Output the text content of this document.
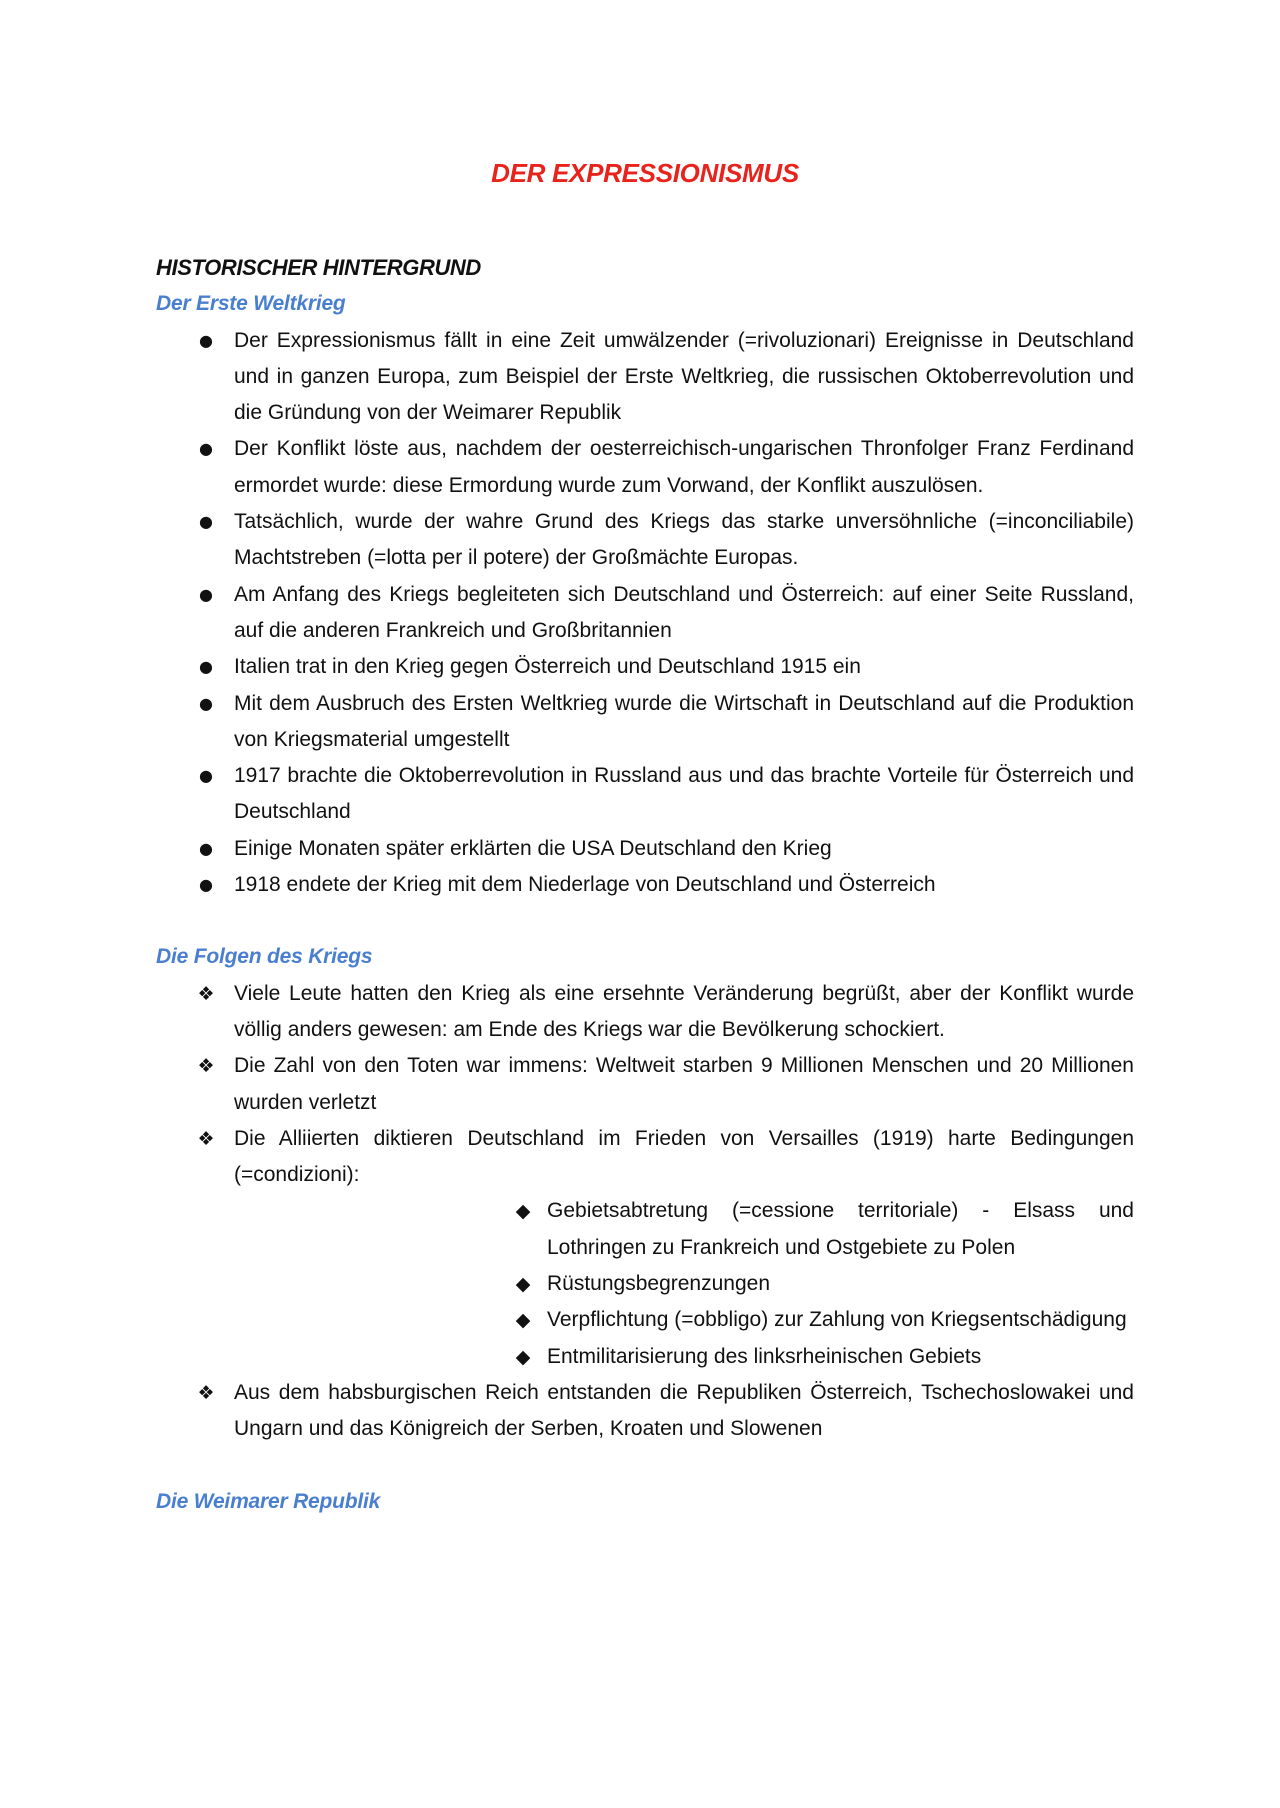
DER EXPRESSIONISMUS
HISTORISCHER HINTERGRUND
Der Erste Weltkrieg
● Der Expressionismus fällt in eine Zeit umwälzender (=rivoluzionari) Ereignisse in Deutschland und in ganzen Europa, zum Beispiel der Erste Weltkrieg, die russischen Oktoberrevolution und die Gründung von der Weimarer Republik
● Der Konflikt löste aus, nachdem der oesterreichisch-ungarischen Thronfolger Franz Ferdinand ermordet wurde: diese Ermordung wurde zum Vorwand, der Konflikt auszulösen.
● Tatsächlich, wurde der wahre Grund des Kriegs das starke unversöhnliche (=inconciliabile) Machtstreben (=lotta per il potere) der Großmächte Europas.
● Am Anfang des Kriegs begleiteten sich Deutschland und Österreich: auf einer Seite Russland, auf die anderen Frankreich und Großbritannien
● Italien trat in den Krieg gegen Österreich und Deutschland 1915 ein
● Mit dem Ausbruch des Ersten Weltkrieg wurde die Wirtschaft in Deutschland auf die Produktion von Kriegsmaterial umgestellt
● 1917 brachte die Oktoberrevolution in Russland aus und das brachte Vorteile für Österreich und Deutschland
● Einige Monaten später erklärten die USA Deutschland den Krieg
● 1918 endete der Krieg mit dem Niederlage von Deutschland und Österreich
Die Folgen des Kriegs
❖ Viele Leute hatten den Krieg als eine ersehnte Veränderung begrüßt, aber der Konflikt wurde völlig anders gewesen: am Ende des Kriegs war die Bevölkerung schockiert.
❖ Die Zahl von den Toten war immens: Weltweit starben 9 Millionen Menschen und 20 Millionen wurden verletzt
❖ Die Alliierten diktieren Deutschland im Frieden von Versailles (1919) harte Bedingungen (=condizioni):
◆ Gebietsabtretung (=cessione territoriale) - Elsass und Lothringen zu Frankreich und Ostgebiete zu Polen
◆ Rüstungsbegrenzungen
◆ Verpflichtung (=obbligo) zur Zahlung von Kriegsentschädigung
◆ Entmilitarisierung des linksrheinischen Gebiets
❖ Aus dem habsburgischen Reich entstanden die Republiken Österreich, Tschechoslowakei und Ungarn und das Königreich der Serben, Kroaten und Slowenen
Die Weimarer Republik
